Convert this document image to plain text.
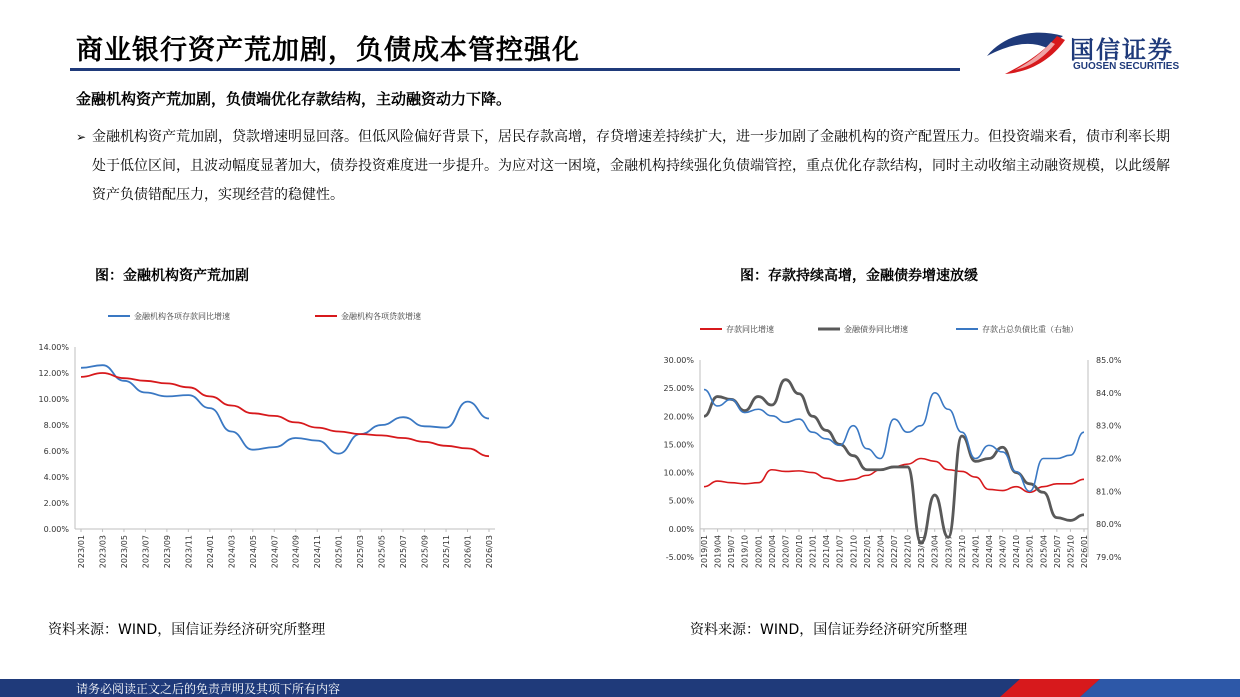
商业银行资产荒加剧，负债成本管控强化	国信证券
GUOSEN SECURITIES
金融机构资产荒加剧，负债端优化存款结构，主动融资动力下降。
➢ 金融机构资产荒加剧，贷款增速明显回落。但低风险偏好背景下，居民存款高增，存贷增速差持续扩大，进一步加剧了金融机构的资产配置压力。但投资端来看，债市利率长期处于低位区间，且波动幅度显著加大，债券投资难度进一步提升。为应对这一困境，金融机构持续强化负债端管控，重点优化存款结构，同时主动收缩主动融资规模，以此缓解资产负债错配压力，实现经营的稳健性。
图：金融机构资产荒加剧	图：存款持续高增，金融债券增速放缓
金融机构各项存款同比增速	金融机构各项贷款增速
0.00%
2.00%
4.00%
6.00%
8.00%
10.00%
12.00%
14.00%
2023/01 2023/03 2023/05 2023/07 2023/09 2023/11 2024/01 2024/03 2024/05 2024/07 2024/09 2024/11 2025/01 2025/03 2025/05 2025/07 2025/09 2025/11 2026/01 2026/03
存款同比增速	金融债券同比增速	存款占总负债比重（右轴）
-5.00%
0.00%
5.00%
10.00%
15.00%
20.00%
25.00%
30.00%
79.0%
80.0%
81.0%
82.0%
83.0%
84.0%
85.0%
2019/01 2019/04 2019/07 2019/10 2020/01 2020/04 2020/07 2020/10 2021/01 2021/04 2021/07 2021/10 2022/01 2022/04 2022/07 2022/10 2023/01 2023/04 2023/07 2023/10 2024/01 2024/04 2024/07 2024/10 2025/01 2025/04 2025/07 2025/10 2026/01
资料来源：WIND，国信证券经济研究所整理	资料来源：WIND，国信证券经济研究所整理
请务必阅读正文之后的免责声明及其项下所有内容
